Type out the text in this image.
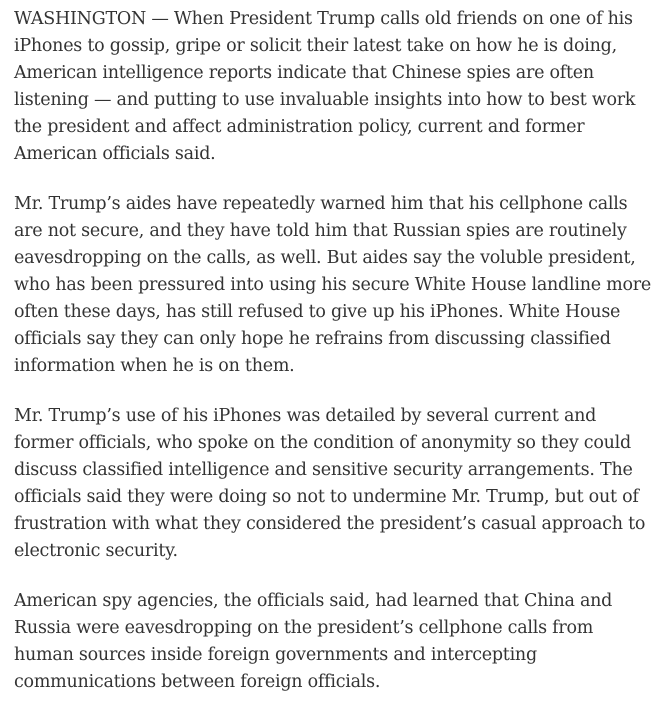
WASHINGTON — When President Trump calls old friends on one of his iPhones to gossip, gripe or solicit their latest take on how he is doing, American intelligence reports indicate that Chinese spies are often listening — and putting to use invaluable insights into how to best work the president and affect administration policy, current and former American officials said.

Mr. Trump’s aides have repeatedly warned him that his cellphone calls are not secure, and they have told him that Russian spies are routinely eavesdropping on the calls, as well. But aides say the voluble president, who has been pressured into using his secure White House landline more often these days, has still refused to give up his iPhones. White House officials say they can only hope he refrains from discussing classified information when he is on them.

Mr. Trump’s use of his iPhones was detailed by several current and former officials, who spoke on the condition of anonymity so they could discuss classified intelligence and sensitive security arrangements. The officials said they were doing so not to undermine Mr. Trump, but out of frustration with what they considered the president’s casual approach to electronic security.

American spy agencies, the officials said, had learned that China and Russia were eavesdropping on the president’s cellphone calls from human sources inside foreign governments and intercepting communications between foreign officials.
